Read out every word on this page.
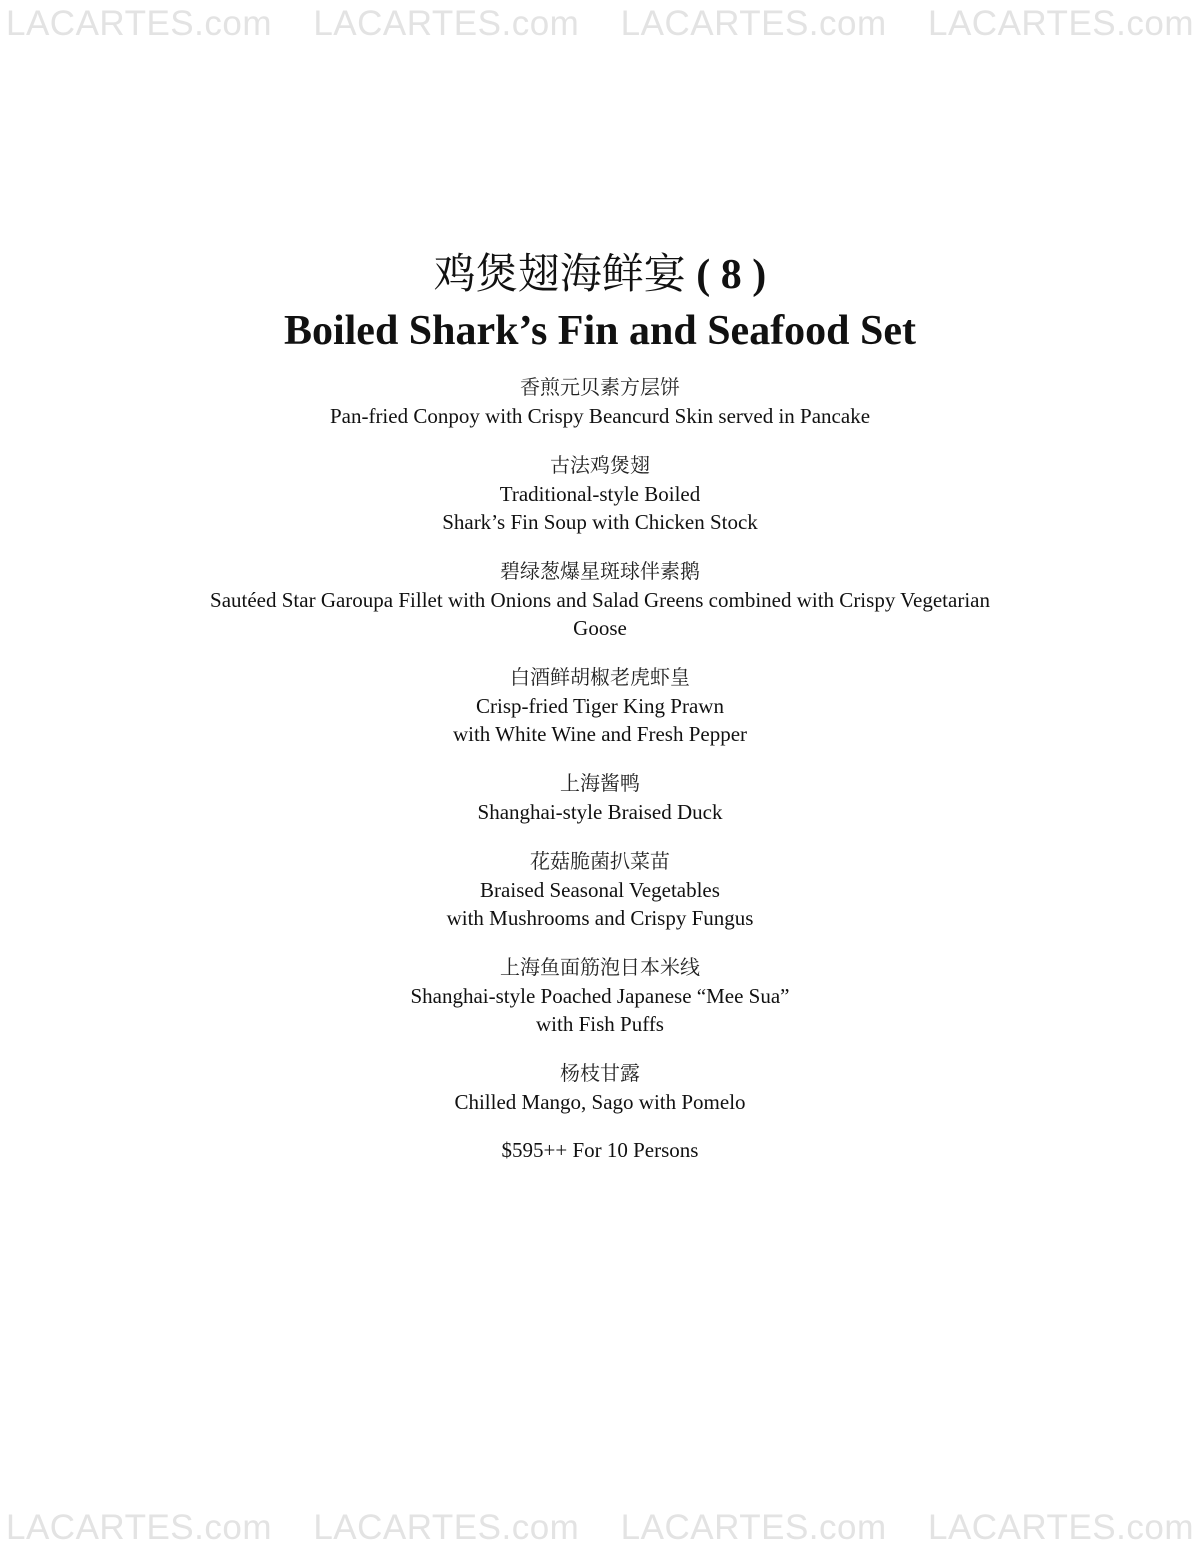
LACARTES.com LACARTES.com LACARTES.com LACARTES.com
鸡煲翅海鲜宴 ( 8 )
Boiled Shark’s Fin and Seafood Set
香煎元贝素方层饼
Pan-fried Conpoy with Crispy Beancurd Skin served in Pancake
古法鸡煲翅
Traditional-style Boiled
Shark’s Fin Soup with Chicken Stock
碧绿葱爆星斑球伴素鹅
Sautéed Star Garoupa Fillet with Onions and Salad Greens combined with Crispy Vegetarian
Goose
白酒鲜胡椒老虎虾皇
Crisp-fried Tiger King Prawn
with White Wine and Fresh Pepper
上海酱鸭
Shanghai-style Braised Duck
花菇脆菌扒菜苗
Braised Seasonal Vegetables
with Mushrooms and Crispy Fungus
上海鱼面筋泡日本米线
Shanghai-style Poached Japanese “Mee Sua”
with Fish Puffs
杨枝甘露
Chilled Mango, Sago with Pomelo
$595++ For 10 Persons
LACARTES.com LACARTES.com LACARTES.com LACARTES.com
